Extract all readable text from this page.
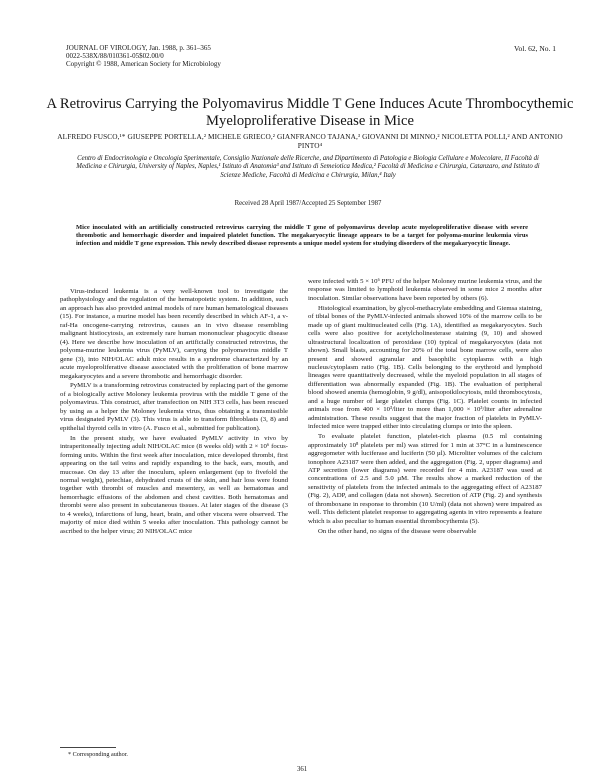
JOURNAL OF VIROLOGY, Jan. 1988, p. 361–365
0022-538X/88/010361-05$02.00/0
Copyright © 1988, American Society for Microbiology
Vol. 62, No. 1
A Retrovirus Carrying the Polyomavirus Middle T Gene Induces Acute Thrombocythemic Myeloproliferative Disease in Mice
ALFREDO FUSCO,¹* GIUSEPPE PORTELLA,² MICHELE GRIECO,² GIANFRANCO TAJANA,³ GIOVANNI DI MINNO,² NICOLETTA POLLI,² AND ANTONIO PINTO⁴
Centro di Endocrinologia e Oncologia Sperimentale, Consiglio Nazionale delle Ricerche, and Dipartimento di Patologia e Biologia Cellulare e Molecolare, II Facoltà di Medicina e Chirurgia, University of Naples, Naples,¹ Istituto di Anatomia³ and Istituto di Semeiotica Medica,² Facoltà di Medicina e Chirurgia, Catanzaro, and Istituto di Scienze Mediche, Facoltà di Medicina e Chirurgia, Milan,⁴ Italy
Received 28 April 1987/Accepted 25 September 1987
Mice inoculated with an artificially constructed retrovirus carrying the middle T gene of polyomavirus develop acute myeloproliferative disease with severe thrombotic and hemorrhagic disorder and impaired platelet function. The megakaryocytic lineage appears to be a target for polyoma-murine leukemia virus infection and middle T gene expression. This newly described disease represents a unique model system for studying disorders of the megakaryocytic lineage.

Virus-induced leukemia is a very well-known tool to investigate the pathophysiology and the regulation of the hematopoietic system. In addition, such an approach has also provided animal models of rare human hematological diseases (15). For instance, a murine model has been recently described in which AF-1, a v-raf-Ha oncogene-carrying retrovirus, causes an in vivo disease resembling malignant histiocytosis, an extremely rare human mononuclear phagocytic disease (4). Here we describe how inoculation of an artificially constructed retrovirus, the polyoma-murine leukemia virus (PyMLV), carrying the polyomavirus middle T gene (3), into NIH/OLAC adult mice results in a syndrome characterized by an acute myeloproliferative disease associated with the proliferation of bone marrow megakaryocytes and a severe thrombotic and hemorrhagic disorder.

PyMLV is a transforming retrovirus constructed by replacing part of the genome of a biologically active Moloney leukemia provirus with the middle T gene of the polyomavirus. This construct, after transfection on NIH 3T3 cells, has been rescued by using as a helper the Moloney leukemia virus, thus obtaining a transmissible virus designated PyMLV (3). This virus is able to transform fibroblasts (3, 8) and epithelial thyroid cells in vitro (A. Fusco et al., submitted for publication).

In the present study, we have evaluated PyMLV activity in vivo by intraperitoneally injecting adult NIH/OLAC mice (8 weeks old) with 2 × 10⁶ focus-forming units. Within the first week after inoculation, mice developed thrombi, first appearing on the tail veins and rapidly expanding to the back, ears, mouth, and mucosae. On day 13 after the inoculum, spleen enlargement (up to fivefold the normal weight), petechiae, dehydrated crusts of the skin, and hair loss were found together with thrombi of muscles and mesentery, as well as hematomas and hemorrhagic effusions of the abdomen and chest cavities. Both hematomas and thrombi were also present in subcutaneous tissues. At later stages of the disease (3 to 4 weeks), infarctions of lung, heart, brain, and other viscera were observed. The majority of mice died within 5 weeks after inoculation. This pathology cannot be ascribed to the helper virus; 20 NIH/OLAC mice

were infected with 5 × 10⁶ PFU of the helper Moloney murine leukemia virus, and the response was limited to lymphoid leukemia observed in some mice 2 months after inoculation. Similar observations have been reported by others (6).

Histological examination, by glycol-methacrylate embedding and Giemsa staining, of tibial bones of the PyMLV-infected animals showed 10% of the marrow cells to be made up of giant multinucleated cells (Fig. 1A), identified as megakaryocytes. Such cells were also positive for acetylcholinesterase staining (9, 10) and showed ultrastructural localization of peroxidase (10) typical of megakaryocytes (data not shown). Small blasts, accounting for 20% of the total bone marrow cells, were also present and showed agranular and basophilic cytoplasms with a high nucleus/cytoplasm ratio (Fig. 1B). Cells belonging to the erythroid and lymphoid lineages were quantitatively decreased, while the myeloid population in all stages of differentiation was abnormally expanded (Fig. 1B). The evaluation of peripheral blood showed anemia (hemoglobin, 9 g/dl), anisopoikilocytosis, mild thrombocytosis, and a huge number of large platelet clumps (Fig. 1C). Platelet counts in infected animals rose from 400 × 10³/liter to more than 1,000 × 10³/liter after adrenaline administration. These results suggest that the major fraction of platelets in PyMLV-infected mice were trapped either into circulating clumps or into the spleen.

To evaluate platelet function, platelet-rich plasma (0.5 ml containing approximately 10⁸ platelets per ml) was stirred for 1 min at 37°C in a luminescence aggregometer with luciferase and luciferin (50 µl). Microliter volumes of the calcium ionophore A23187 were then added, and the aggregation (Fig. 2, upper diagrams) and ATP secretion (lower diagrams) were recorded for 4 min. A23187 was used at concentrations of 2.5 and 5.0 µM. The results show a marked reduction of the sensitivity of platelets from the infected animals to the aggregating effect of A23187 (Fig. 2), ADP, and collagen (data not shown). Secretion of ATP (Fig. 2) and synthesis of thromboxane in response to thrombin (10 U/ml) (data not shown) were impaired as well. This deficient platelet response to aggregating agents in vitro represents a feature which is also peculiar to human essential thrombocythemia (5).

On the other hand, no signs of the disease were observable

* Corresponding author.
361
